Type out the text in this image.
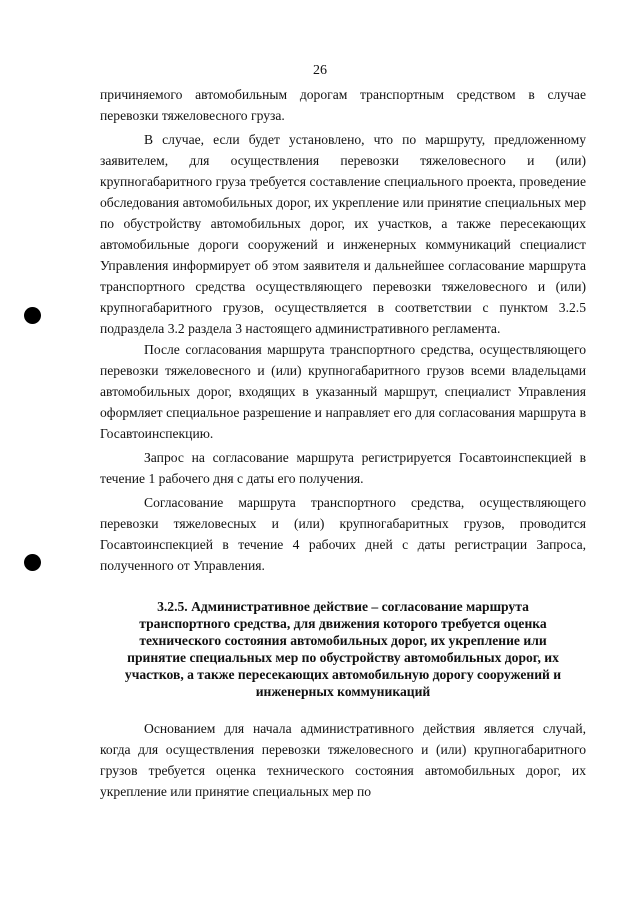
26

причиняемого автомобильным дорогам транспортным средством в случае перевозки тяжеловесного груза.

В случае, если будет установлено, что по маршруту, предложенному заявителем, для осуществления перевозки тяжеловесного и (или) крупногабаритного груза требуется составление специального проекта, проведение обследования автомобильных дорог, их укрепление или принятие специальных мер по обустройству автомобильных дорог, их участков, а также пересекающих автомобильные дороги сооружений и инженерных коммуникаций специалист Управления информирует об этом заявителя и дальнейшее согласование маршрута транспортного средства осуществляющего перевозки тяжеловесного и (или) крупногабаритного грузов, осуществляется в соответствии с пунктом 3.2.5 подраздела 3.2 раздела 3 настоящего административного регламента.

После согласования маршрута транспортного средства, осуществляющего перевозки тяжеловесного и (или) крупногабаритного грузов всеми владельцами автомобильных дорог, входящих в указанный маршрут, специалист Управления оформляет специальное разрешение и направляет его для согласования маршрута в Госавтоинспекцию.

Запрос на согласование маршрута регистрируется Госавтоинспекцией в течение 1 рабочего дня с даты его получения.

Согласование маршрута транспортного средства, осуществляющего перевозки тяжеловесных и (или) крупногабаритных грузов, проводится Госавтоинспекцией в течение 4 рабочих дней с даты регистрации Запроса, полученного от Управления.

3.2.5. Административное действие – согласование маршрута транспортного средства, для движения которого требуется оценка технического состояния автомобильных дорог, их укрепление или принятие специальных мер по обустройству автомобильных дорог, их участков, а также пересекающих автомобильную дорогу сооружений и инженерных коммуникаций

Основанием для начала административного действия является случай, когда для осуществления перевозки тяжеловесного и (или) крупногабаритного грузов требуется оценка технического состояния автомобильных дорог, их укрепление или принятие специальных мер по
